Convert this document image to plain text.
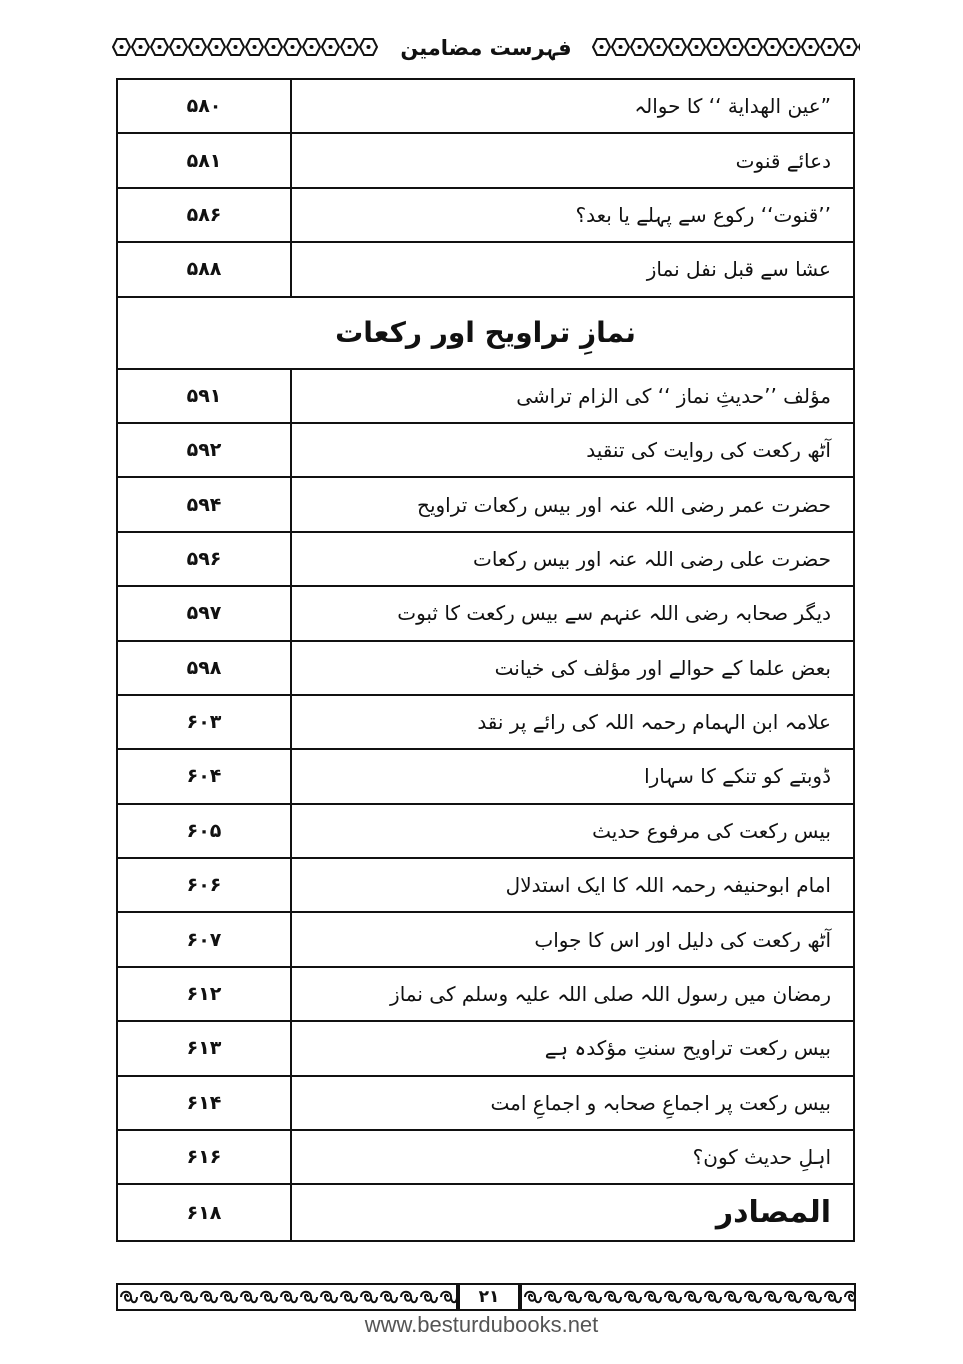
فہرست مضامین
۵۸۰	”عین الهدایة ‘‘ کا حوالہ
۵۸۱	دعائے قنوت
۵۸۶	’’قنوت‘‘ رکوع سے پہلے یا بعد؟
۵۸۸	عشا سے قبل نفل نماز
نمازِ تراویح اور رکعات
۵۹۱	مؤلف ’’حدیثِ نماز ‘‘ کی الزام تراشی
۵۹۲	آٹھ رکعت کی روایت کی تنقید
۵۹۴	حضرت عمر رضی اللہ عنہ اور بیس رکعات تراویح
۵۹۶	حضرت علی رضی اللہ عنہ اور بیس رکعات
۵۹۷	دیگر صحابہ رضی اللہ عنہم سے بیس رکعت کا ثبوت
۵۹۸	بعض علما کے حوالے اور مؤلف کی خیانت
۶۰۳	علامہ ابن الہمام رحمہ اللہ کی رائے پر نقد
۶۰۴	ڈوبتے کو تنکے کا سہارا
۶۰۵	بیس رکعت کی مرفوع حدیث
۶۰۶	امام ابوحنیفہ رحمہ اللہ کا ایک استدلال
۶۰۷	آٹھ رکعت کی دلیل اور اس کا جواب
۶۱۲	رمضان میں رسول اللہ صلی اللہ علیہ وسلم کی نماز
۶۱۳	بیس رکعت تراویح سنتِ مؤکدہ ہے
۶۱۴	بیس رکعت پر اجماعِ صحابہ و اجماعِ امت
۶۱۶	اہلِ حدیث کون؟
۶۱۸	المصادر
۲۱
www.besturdubooks.net
